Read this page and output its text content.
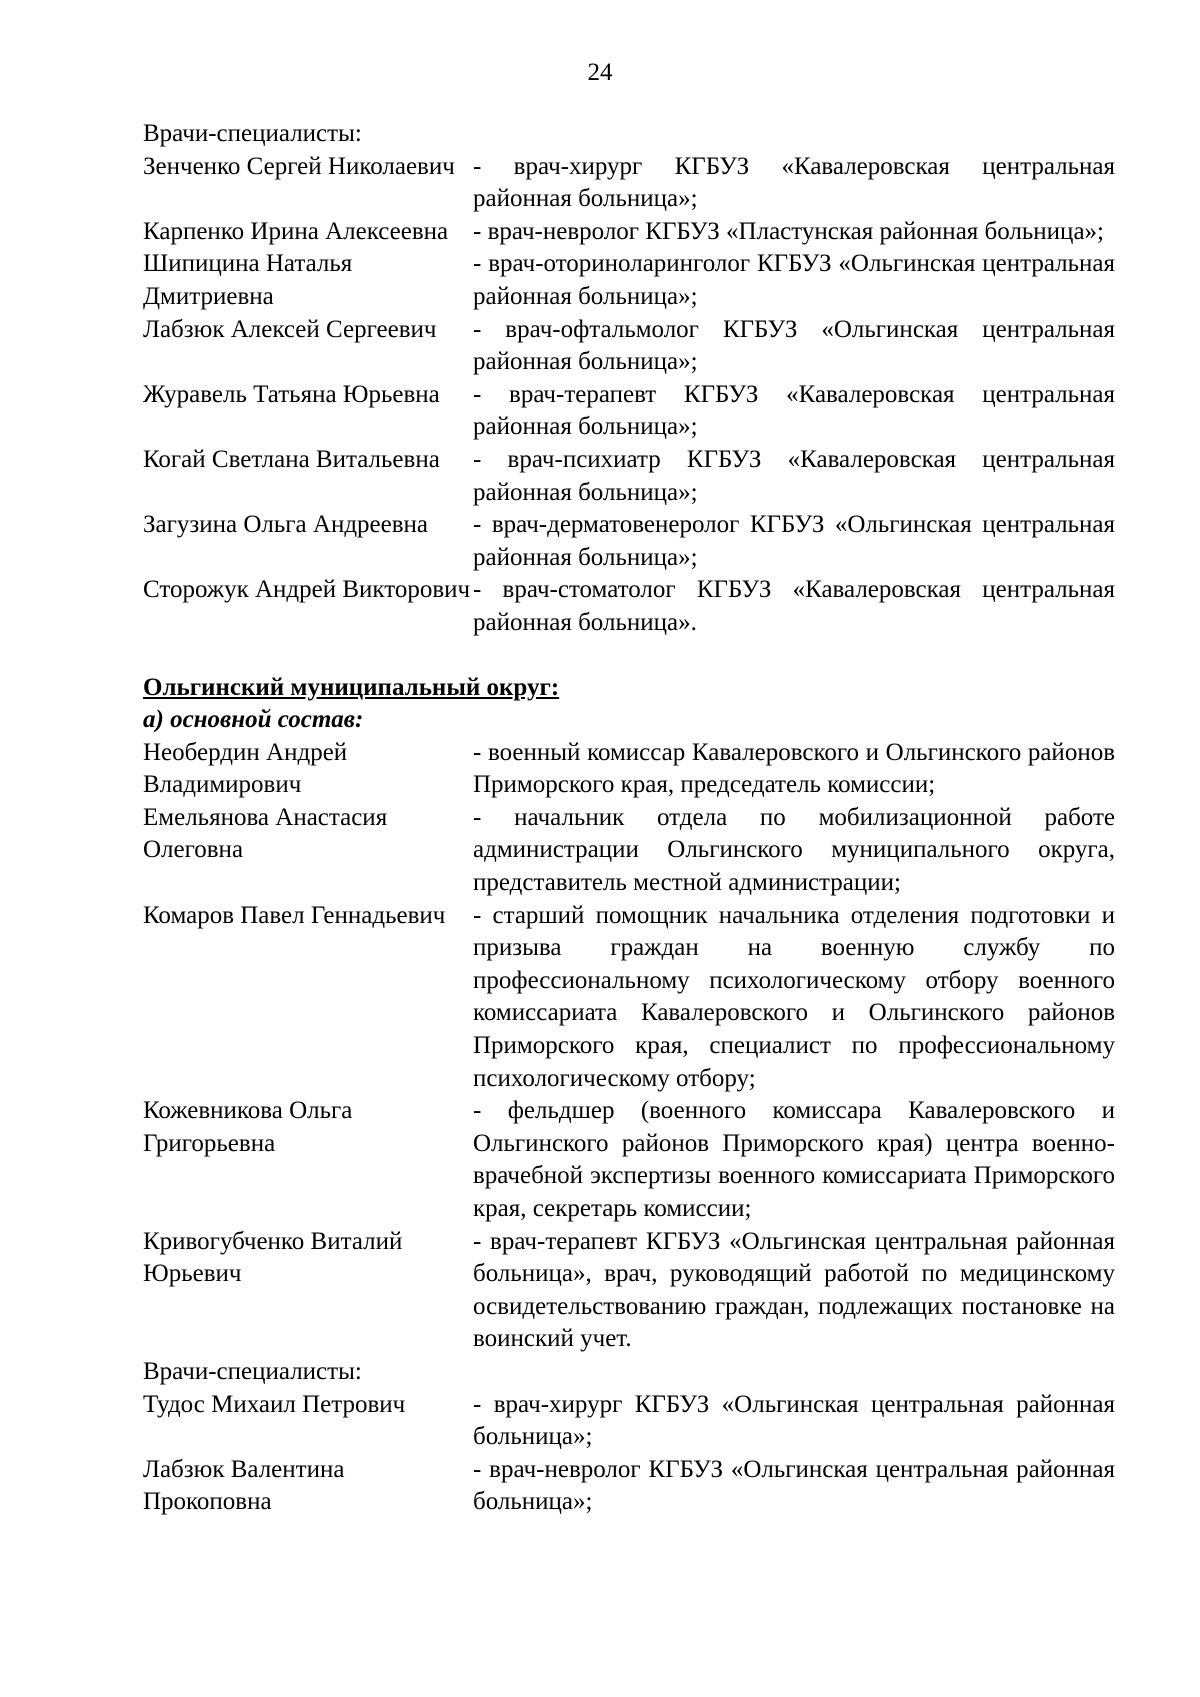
24
Врачи-специалисты:
Зенченко Сергей Николаевич - врач-хирург КГБУЗ «Кавалеровская центральная районная больница»;
Карпенко Ирина Алексеевна - врач-невролог КГБУЗ «Пластунская районная больница»;
Шипицина Наталья Дмитриевна
- врач-оториноларинголог КГБУЗ «Ольгинская центральная районная больница»;
Лабзюк Алексей Сергеевич	- врач-офтальмолог КГБУЗ «Ольгинская центральная районная больница»;
Журавель Татьяна Юрьевна	- врач-терапевт КГБУЗ «Кавалеровская центральная районная больница»;
Когай Светлана Витальевна	- врач-психиатр КГБУЗ «Кавалеровская центральная районная больница»;
Загузина Ольга Андреевна	- врач-дерматовенеролог КГБУЗ «Ольгинская центральная районная больница»;
Сторожук Андрей Викторович - врач-стоматолог КГБУЗ «Кавалеровская центральная районная больница».
Ольгинский муниципальный округ:
а) основной состав:
Необердин Андрей Владимирович
- военный комиссар Кавалеровского и Ольгинского районов Приморского края, председатель комиссии;
Емельянова Анастасия Олеговна
- начальник отдела по мобилизационной работе администрации Ольгинского муниципального округа, представитель местной администрации;
Комаров Павел Геннадьевич	- старший помощник начальника отделения подготовки и призыва граждан на военную службу по профессиональному психологическому отбору военного комиссариата Кавалеровского и Ольгинского районов Приморского края, специалист по профессиональному психологическому отбору;
Кожевникова Ольга Григорьевна
- фельдшер (военного комиссара Кавалеровского и Ольгинского районов Приморского края) центра военно-врачебной экспертизы военного комиссариата Приморского края, секретарь комиссии;
Кривогубченко Виталий Юрьевич
- врач-терапевт КГБУЗ «Ольгинская центральная районная больница», врач, руководящий работой по медицинскому освидетельствованию граждан, подлежащих постановке на воинский учет.
Врачи-специалисты:
Тудос Михаил Петрович	- врач-хирург КГБУЗ «Ольгинская центральная районная больница»;
Лабзюк Валентина Прокоповна
- врач-невролог КГБУЗ «Ольгинская центральная районная больница»;
